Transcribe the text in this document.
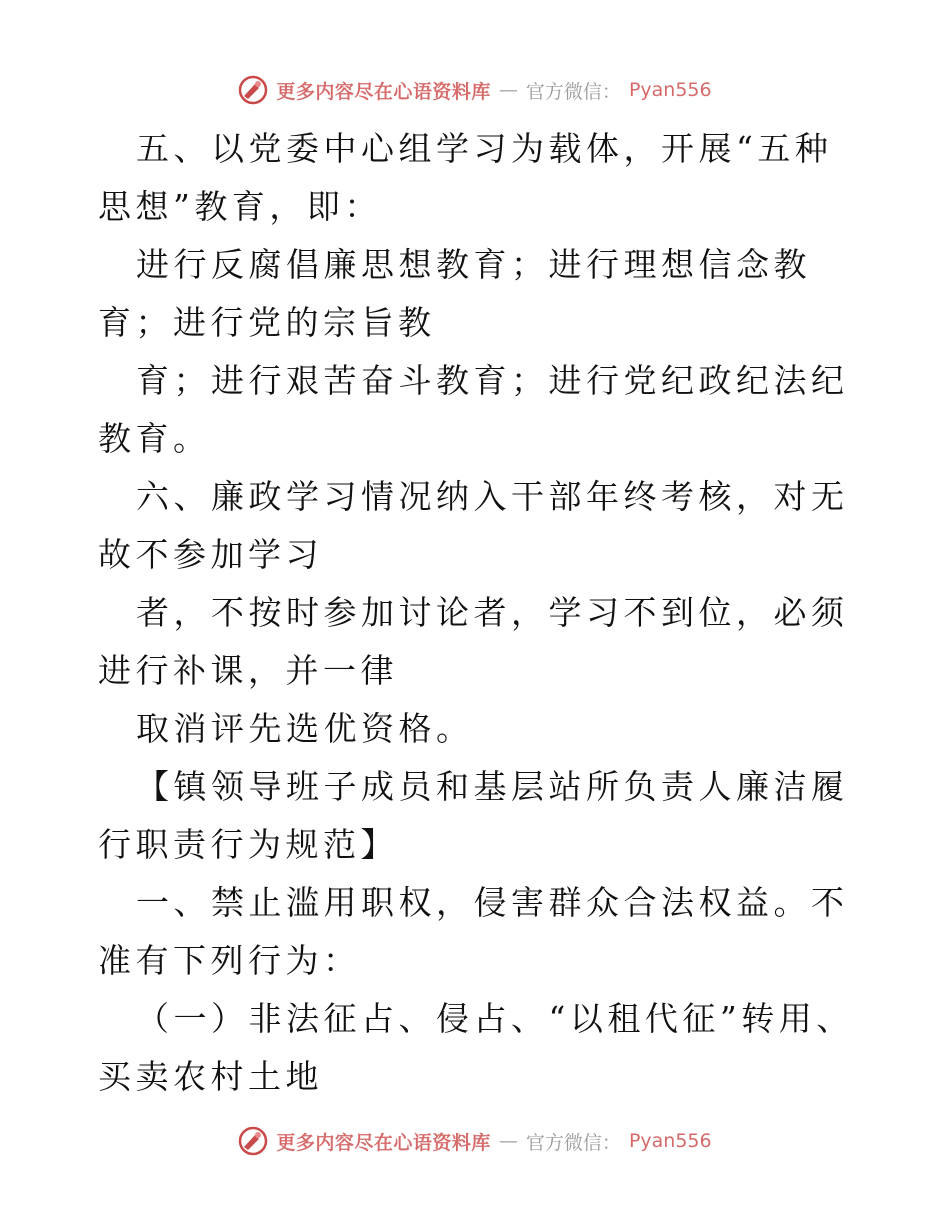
更多内容尽在心语资料库 — 官方微信： Pyan556

五、以党委中心组学习为载体，开展“五种思想”教育，即：

进行反腐倡廉思想教育；进行理想信念教育；进行党的宗旨教

育；进行艰苦奋斗教育；进行党纪政纪法纪教育。

六、廉政学习情况纳入干部年终考核，对无故不参加学习

者，不按时参加讨论者，学习不到位，必须进行补课，并一律

取消评先选优资格。

【镇领导班子成员和基层站所负责人廉洁履行职责行为规范】

一、禁止滥用职权，侵害群众合法权益。不准有下列行为：

（一）非法征占、侵占、“以租代征”转用、买卖农村土地

更多内容尽在心语资料库 — 官方微信： Pyan556
